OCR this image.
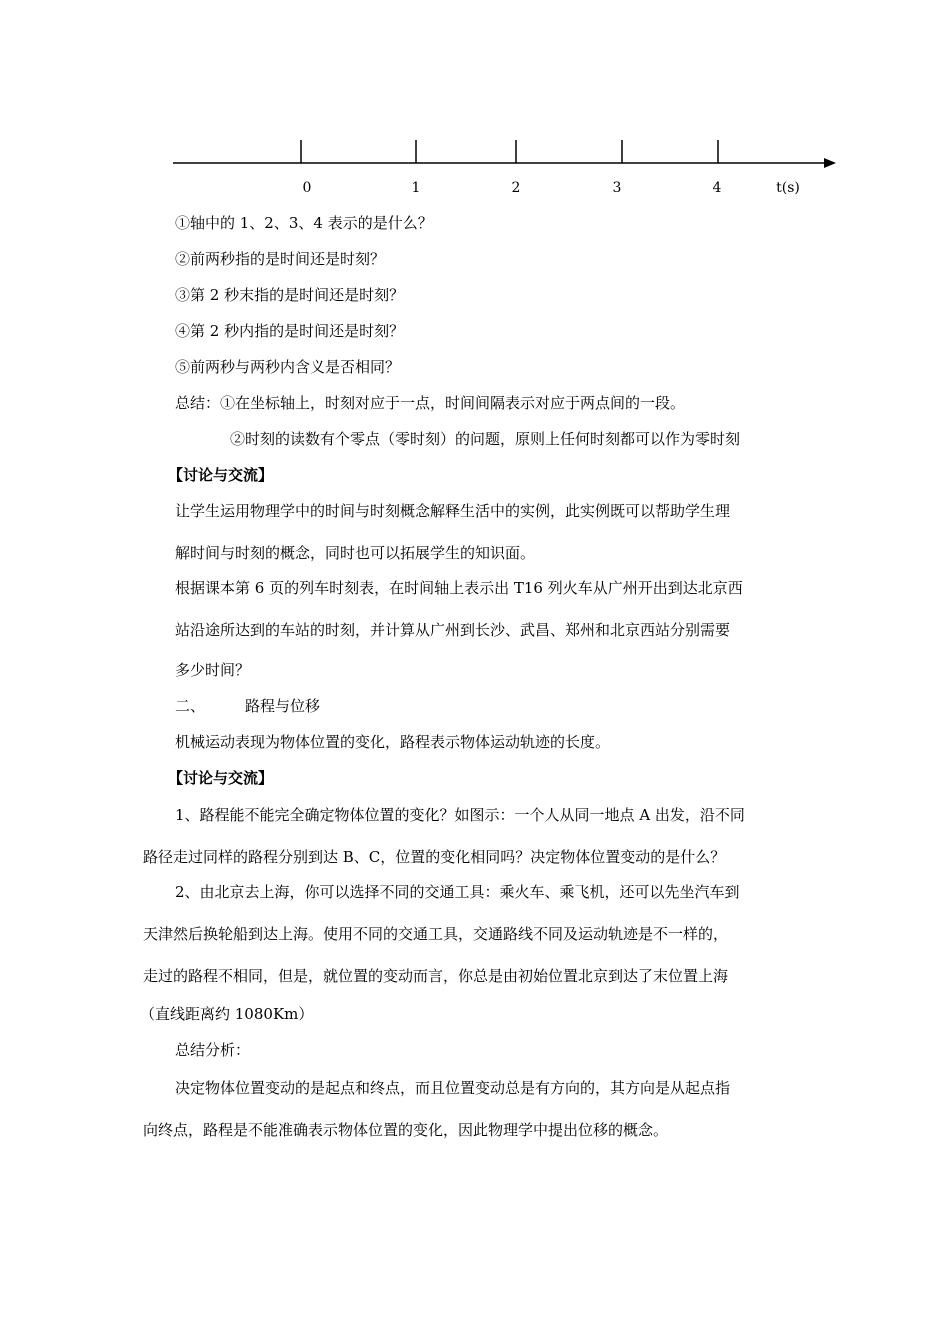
0	1	2	3	4	t(s)

①轴中的 1、2、3、4 表示的是什么？

②前两秒指的是时间还是时刻？

③第 2 秒末指的是时间还是时刻？

④第 2 秒内指的是时间还是时刻？

⑤前两秒与两秒内含义是否相同？

总结：①在坐标轴上，时刻对应于一点，时间间隔表示对应于两点间的一段。

②时刻的读数有个零点（零时刻）的问题，原则上任何时刻都可以作为零时刻

【讨论与交流】

让学生运用物理学中的时间与时刻概念解释生活中的实例，此实例既可以帮助学生理

解时间与时刻的概念，同时也可以拓展学生的知识面。

根据课本第 6 页的列车时刻表，在时间轴上表示出 T16 列火车从广州开出到达北京西

站沿途所达到的车站的时刻，并计算从广州到长沙、武昌、郑州和北京西站分别需要

多少时间？

二、	路程与位移

机械运动表现为物体位置的变化，路程表示物体运动轨迹的长度。

【讨论与交流】

1、路程能不能完全确定物体位置的变化？如图示：一个人从同一地点 A 出发，沿不同

路径走过同样的路程分别到达 B、C，位置的变化相同吗？决定物体位置变动的是什么？

2、由北京去上海，你可以选择不同的交通工具：乘火车、乘飞机，还可以先坐汽车到

天津然后换轮船到达上海。使用不同的交通工具，交通路线不同及运动轨迹是不一样的，

走过的路程不相同，但是，就位置的变动而言，你总是由初始位置北京到达了末位置上海

（直线距离约 1080Km）

总结分析：

决定物体位置变动的是起点和终点，而且位置变动总是有方向的，其方向是从起点指

向终点，路程是不能准确表示物体位置的变化，因此物理学中提出位移的概念。
